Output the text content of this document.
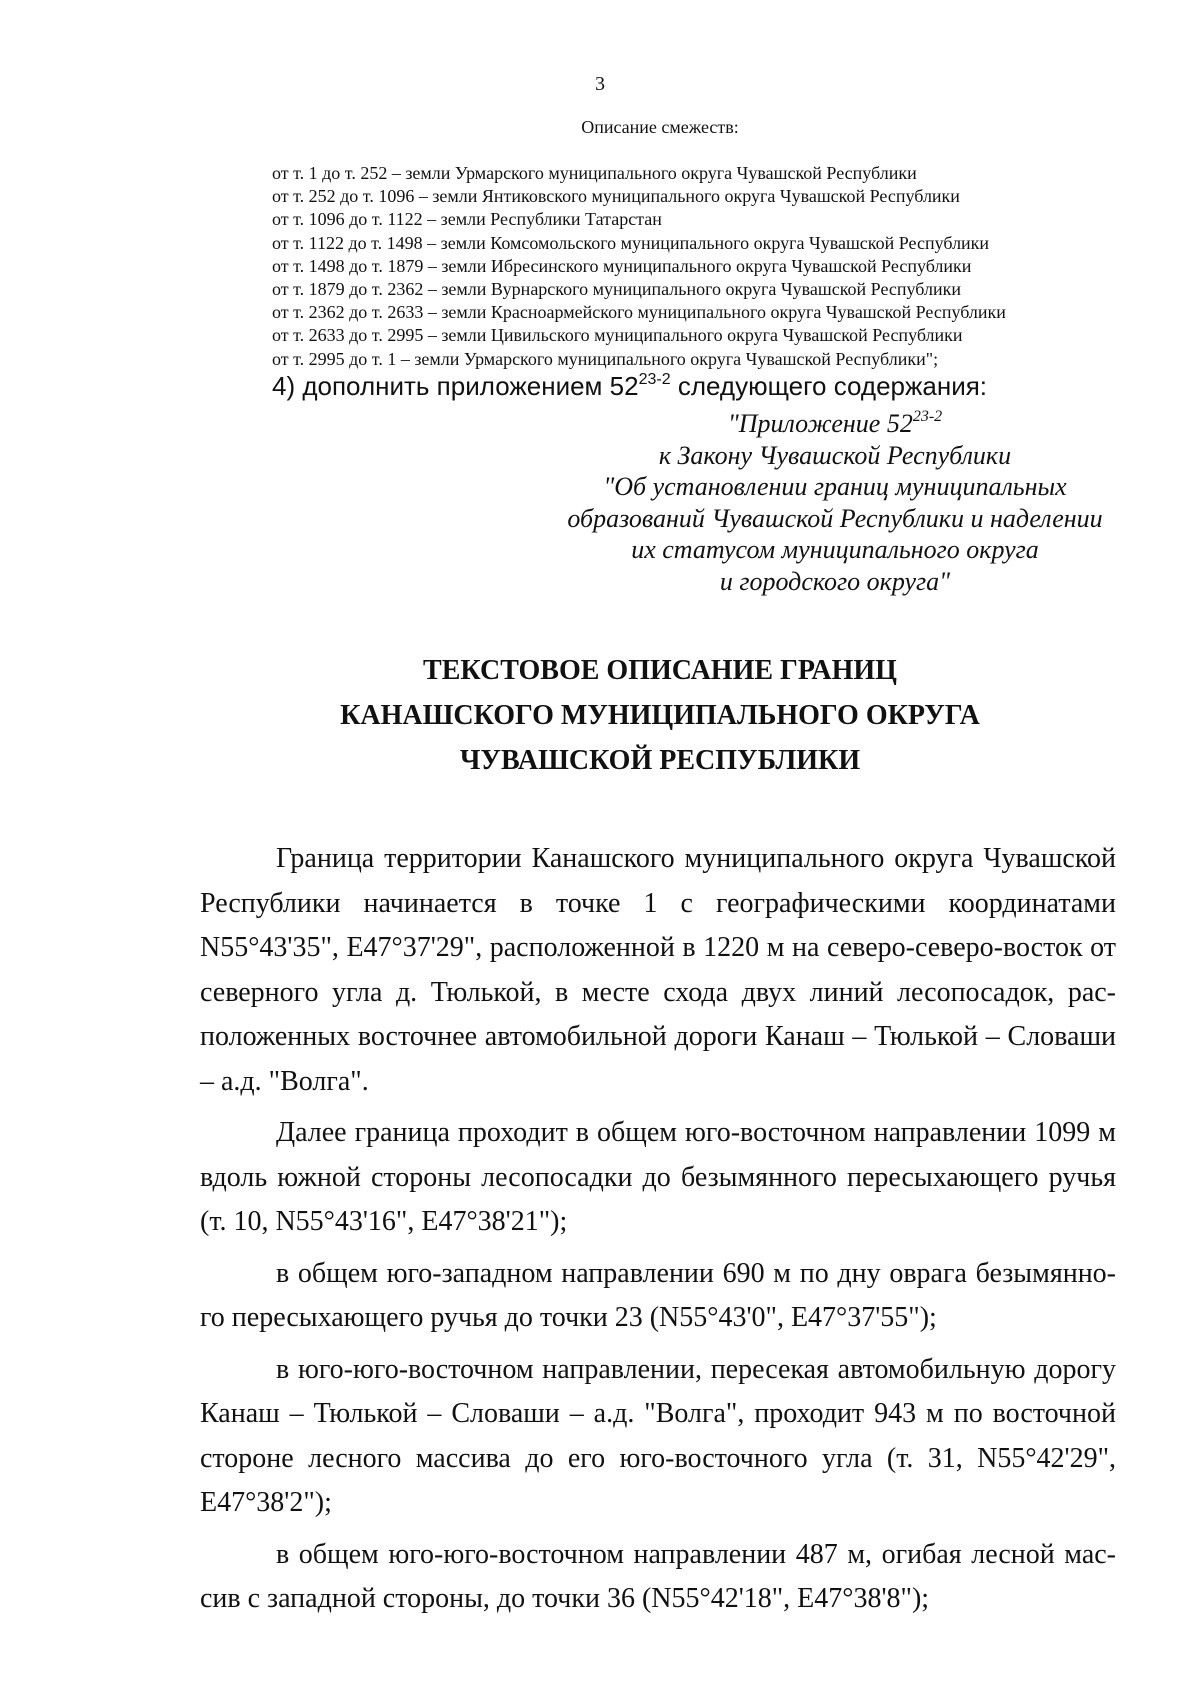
3
Описание смежеств:
от т. 1 до т. 252 – земли Урмарского муниципального округа Чувашской Республики
от т. 252 до т. 1096 – земли Янтиковского муниципального округа Чувашской Республики
от т. 1096 до т. 1122 – земли Республики Татарстан
от т. 1122 до т. 1498 – земли Комсомольского муниципального округа Чувашской Республики
от т. 1498 до т. 1879 – земли Ибресинского муниципального округа Чувашской Республики
от т. 1879 до т. 2362 – земли Вурнарского муниципального округа Чувашской Республики
от т. 2362 до т. 2633 – земли Красноармейского муниципального округа Чувашской Республики
от т. 2633 до т. 2995 – земли Цивильского муниципального округа Чувашской Республики
от т. 2995 до т. 1 – земли Урмарского муниципального округа Чувашской Республики";
4) дополнить приложением 52$^{23-2}$ следующего содержания:
"Приложение 52$^{23-2}$
к Закону Чувашской Республики
"Об установлении границ муниципальных
образований Чувашской Республики и наделении
их статусом муниципального округа
и городского округа"
ТЕКСТОВОЕ ОПИСАНИЕ ГРАНИЦ
КАНАШСКОГО МУНИЦИПАЛЬНОГО ОКРУГА
ЧУВАШСКОЙ РЕСПУБЛИКИ

Граница территории Канашского муниципального округа Чувашской Республики начинается в точке 1 с географическими координатами N55°43'35", E47°37'29", расположенной в 1220 м на северо-северо-восток от северного угла д. Тюлькой, в месте схода двух линий лесопосадок, расположенных восточнее автомобильной дороги Канаш – Тюлькой – Словаши – а.д. "Волга".

Далее граница проходит в общем юго-восточном направлении 1099 м вдоль южной стороны лесопосадки до безымянного пересыхающего ручья (т. 10, N55°43'16", E47°38'21");

в общем юго-западном направлении 690 м по дну оврага безымянного пересыхающего ручья до точки 23 (N55°43'0", E47°37'55");

в юго-юго-восточном направлении, пересекая автомобильную дорогу Канаш – Тюлькой – Словаши – а.д. "Волга", проходит 943 м по восточной стороне лесного массива до его юго-восточного угла (т. 31, N55°42'29", E47°38'2");

в общем юго-юго-восточном направлении 487 м, огибая лесной массив с западной стороны, до точки 36 (N55°42'18", E47°38'8");
